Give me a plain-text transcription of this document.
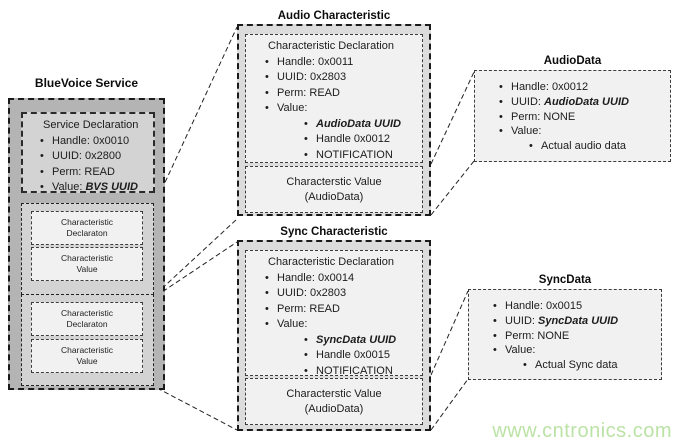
BlueVoice Service
Service Declaration
• Handle: 0x0010
• UUID: 0x2800
• Perm: READ
• Value: BVS UUID
Characteristic
Declaraton
Characteristic
Value
Characteristic
Declaraton
Characteristic
Value
Audio Characteristic
Characteristic Declaration
• Handle: 0x0011
• UUID: 0x2803
• Perm: READ
• Value:
• AudioData UUID
• Handle 0x0012
• NOTIFICATION
Characterstic Value
(AudioData)
Sync Characteristic
Characteristic Declaration
• Handle: 0x0014
• UUID: 0x2803
• Perm: READ
• Value:
• SyncData UUID
• Handle 0x0015
• NOTIFICATION
Characterstic Value
(AudioData)
AudioData
• Handle: 0x0012
• UUID: AudioData UUID
• Perm: NONE
• Value:
• Actual audio data
SyncData
• Handle: 0x0015
• UUID: SyncData UUID
• Perm: NONE
• Value:
• Actual Sync data
www.cntronics.com
